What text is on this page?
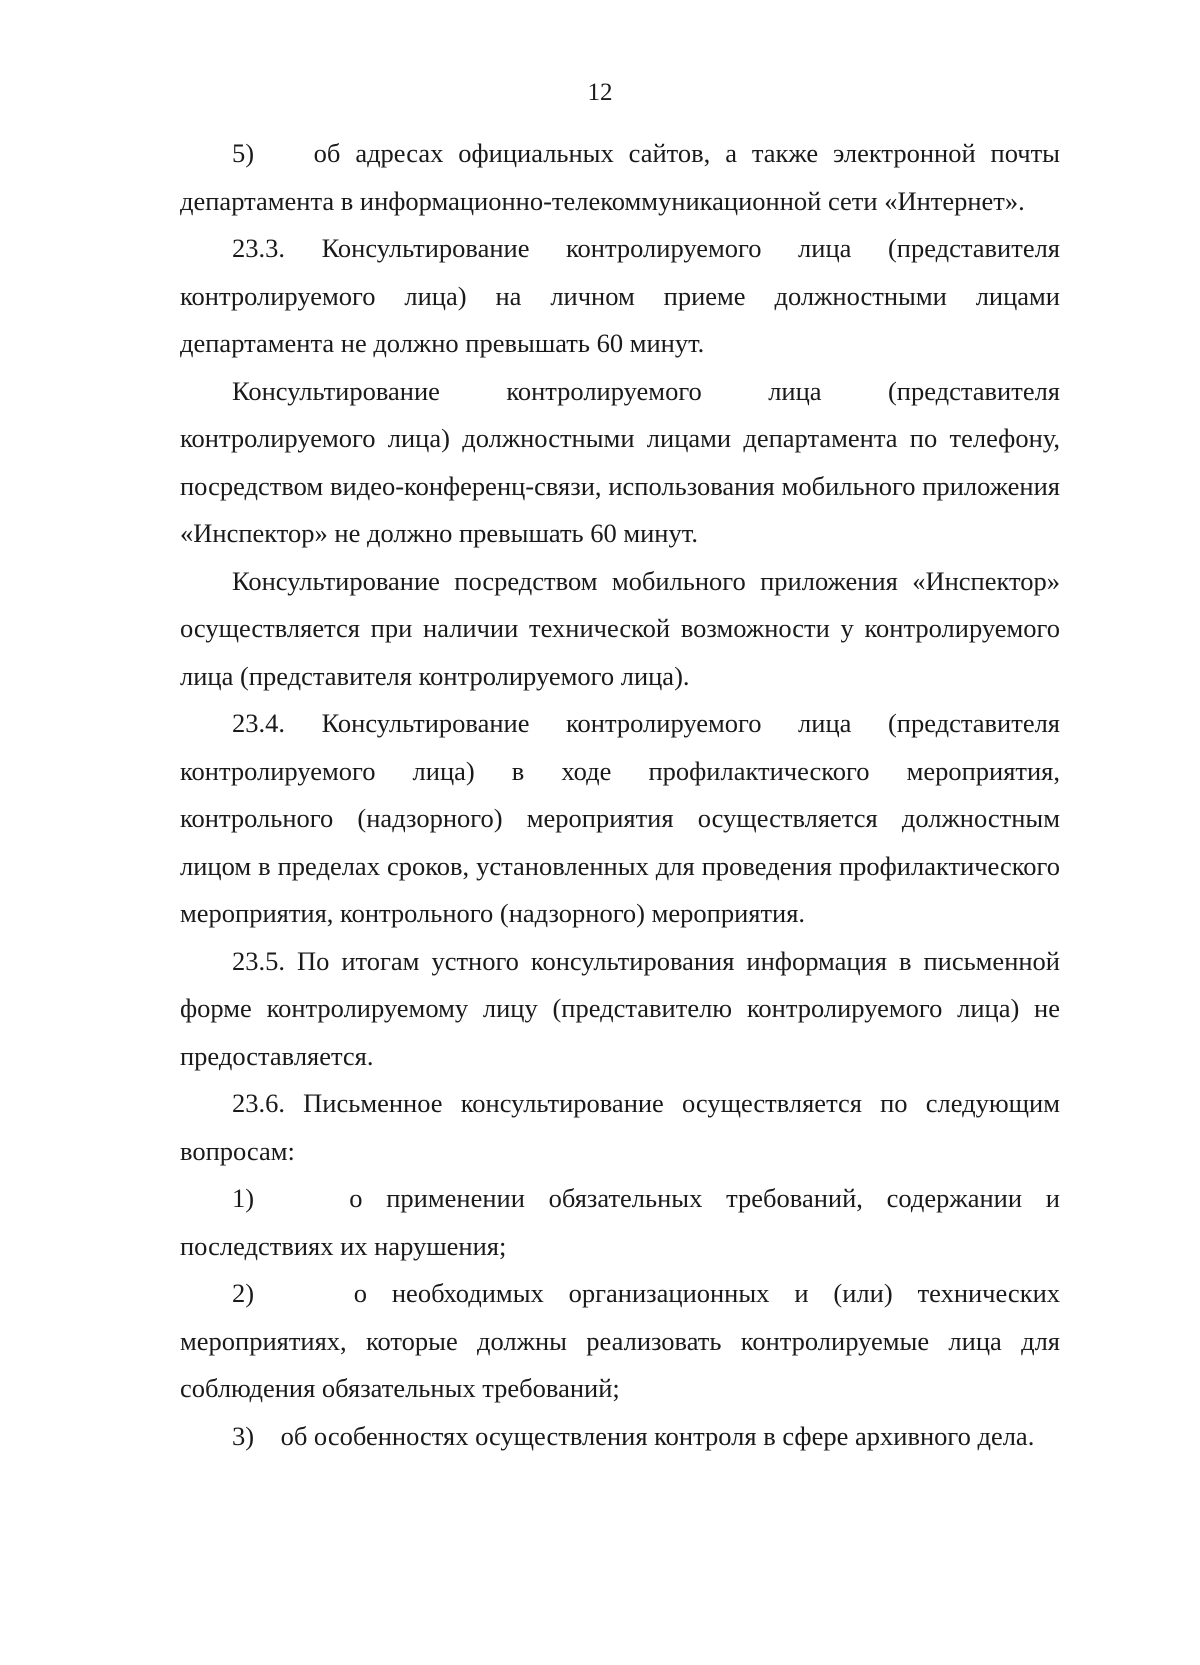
12

5)    об адресах официальных сайтов, а также электронной почты департамента в информационно-телекоммуникационной сети «Интернет».

23.3. Консультирование контролируемого лица (представителя контролируемого лица) на личном приеме должностными лицами департамента не должно превышать 60 минут.

Консультирование контролируемого лица (представителя контролируемого лица) должностными лицами департамента по телефону, посредством видео-конференц-связи, использования мобильного приложения «Инспектор» не должно превышать 60 минут.

Консультирование посредством мобильного приложения «Инспектор» осуществляется при наличии технической возможности у контролируемого лица (представителя контролируемого лица).

23.4. Консультирование контролируемого лица (представителя контролируемого лица) в ходе профилактического мероприятия, контрольного (надзорного) мероприятия осуществляется должностным лицом в пределах сроков, установленных для проведения профилактического мероприятия, контрольного (надзорного) мероприятия.

23.5. По итогам устного консультирования информация в письменной форме контролируемому лицу (представителю контролируемого лица) не предоставляется.

23.6. Письменное консультирование осуществляется по следующим вопросам:

1)    о применении обязательных требований, содержании и последствиях их нарушения;

2)    о необходимых организационных и (или) технических мероприятиях, которые должны реализовать контролируемые лица для соблюдения обязательных требований;

3)    об особенностях осуществления контроля в сфере архивного дела.
